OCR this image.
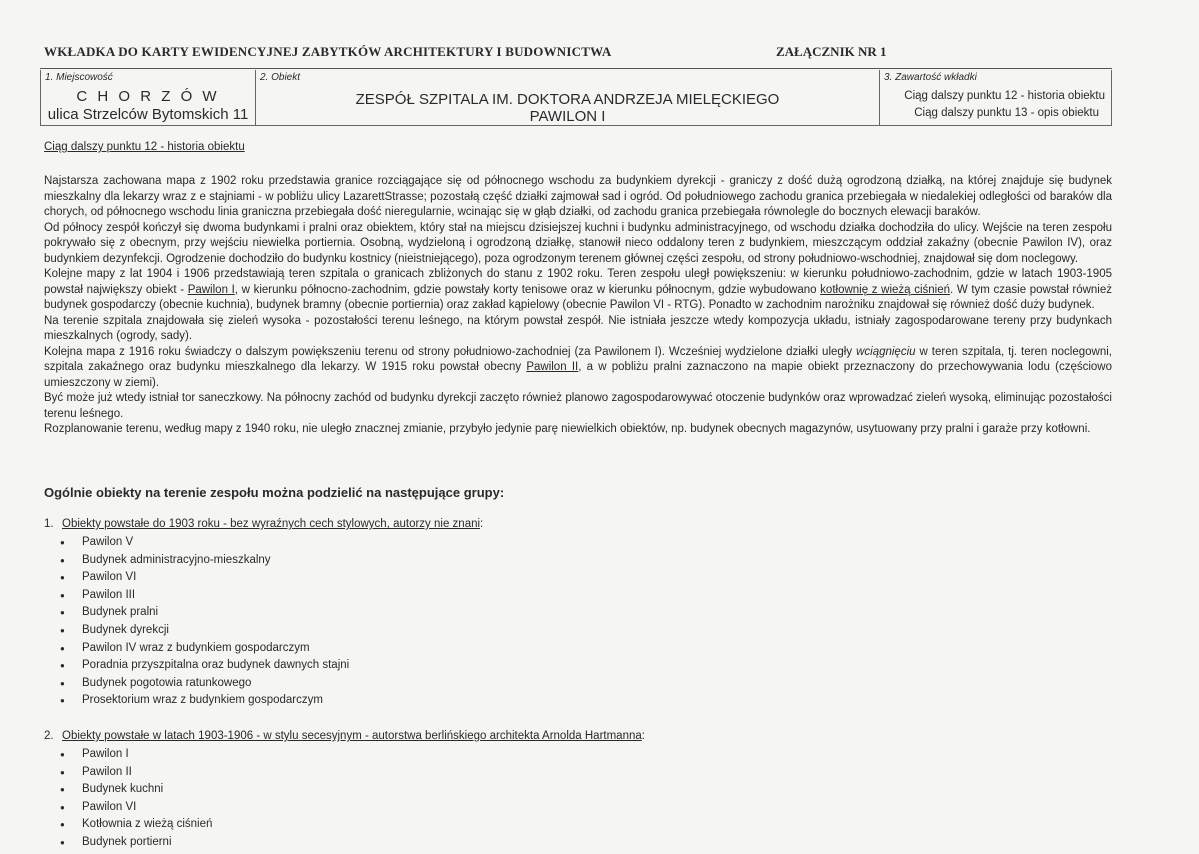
WKŁADKA DO KARTY EWIDENCYJNEJ ZABYTKÓW ARCHITEKTURY I BUDOWNICTWA	ZAŁĄCZNIK NR 1
1. Miejscowość
C H O R Z Ó W
ulica Strzelców Bytomskich 11
2. Obiekt
ZESPÓŁ SZPITALA IM. DOKTORA ANDRZEJA MIELĘCKIEGO
PAWILON I
3. Zawartość wkładki
Ciąg dalszy punktu 12 - historia obiektu
Ciąg dalszy punktu 13 - opis obiektu
Ciąg dalszy punktu 12 - historia obiektu

Najstarsza zachowana mapa z 1902 roku przedstawia granice rozciągające się od północnego wschodu za budynkiem dyrekcji - graniczy z dość dużą ogrodzoną działką, na której znajduje się budynek mieszkalny dla lekarzy wraz z e stajniami - w pobliżu ulicy LazarettStrasse; pozostałą część działki zajmował sad i ogród. Od południowego zachodu granica przebiegała w niedalekiej odległości od baraków dla chorych, od północnego wschodu linia graniczna przebiegała dość nieregularnie, wcinając się w głąb działki, od zachodu granica przebiegała równolegle do bocznych elewacji baraków.

Od północy zespół kończył się dwoma budynkami i pralni oraz obiektem, który stał na miejscu dzisiejszej kuchni i budynku administracyjnego, od wschodu działka dochodziła do ulicy. Wejście na teren zespołu pokrywało się z obecnym, przy wejściu niewielka portiernia. Osobną, wydzieloną i ogrodzoną działkę, stanowił nieco oddalony teren z budynkiem, mieszczącym oddział zakaźny (obecnie Pawilon IV), oraz budynkiem dezynfekcji. Ogrodzenie dochodziło do budynku kostnicy (nieistniejącego), poza ogrodzonym terenem głównej części zespołu, od strony południowo-wschodniej, znajdował się dom noclegowy.

Kolejne mapy z lat 1904 i 1906 przedstawiają teren szpitala o granicach zbliżonych do stanu z 1902 roku. Teren zespołu uległ powiększeniu: w kierunku południowo-zachodnim, gdzie w latach 1903-1905 powstał największy obiekt - Pawilon I, w kierunku północno-zachodnim, gdzie powstały korty tenisowe oraz w kierunku północnym, gdzie wybudowano kotłownię z wieżą ciśnień. W tym czasie powstał również budynek gospodarczy (obecnie kuchnia), budynek bramny (obecnie portiernia) oraz zakład kąpielowy (obecnie Pawilon VI - RTG). Ponadto w zachodnim narożniku znajdował się również dość duży budynek.

Na terenie szpitala znajdowała się zieleń wysoka - pozostałości terenu leśnego, na którym powstał zespół. Nie istniała jeszcze wtedy kompozycja układu, istniały zagospodarowane tereny przy budynkach mieszkalnych (ogrody, sady).

Kolejna mapa z 1916 roku świadczy o dalszym powiększeniu terenu od strony południowo-zachodniej (za Pawilonem I). Wcześniej wydzielone działki uległy wciągnięciu w teren szpitala, tj. teren noclegowni, szpitala zakaźnego oraz budynku mieszkalnego dla lekarzy. W 1915 roku powstał obecny Pawilon II, a w pobliżu pralni zaznaczono na mapie obiekt przeznaczony do przechowywania lodu (częściowo umieszczony w ziemi).

Być może już wtedy istniał tor saneczkowy. Na północny zachód od budynku dyrekcji zaczęto również planowo zagospodarowywać otoczenie budynków oraz wprowadzać zieleń wysoką, eliminując pozostałości terenu leśnego.

Rozplanowanie terenu, według mapy z 1940 roku, nie uległo znacznej zmianie, przybyło jedynie parę niewielkich obiektów, np. budynek obecnych magazynów, usytuowany przy pralni i garaże przy kotłowni.

Ogólnie obiekty na terenie zespołu można podzielić na następujące grupy:
1. Obiekty powstałe do 1903 roku - bez wyraźnych cech stylowych, autorzy nie znani:
● Pawilon V
● Budynek administracyjno-mieszkalny
● Pawilon VI
● Pawilon III
● Budynek pralni
● Budynek dyrekcji
● Pawilon IV wraz z budynkiem gospodarczym
● Poradnia przyszpitalna oraz budynek dawnych stajni
● Budynek pogotowia ratunkowego
● Prosektorium wraz z budynkiem gospodarczym
2. Obiekty powstałe w latach 1903-1906 - w stylu secesyjnym - autorstwa berlińskiego architekta Arnolda Hartmanna:
● Pawilon I
● Pawilon II
● Budynek kuchni
● Pawilon VI
● Kotłownia z wieżą ciśnień
● Budynek portierni
